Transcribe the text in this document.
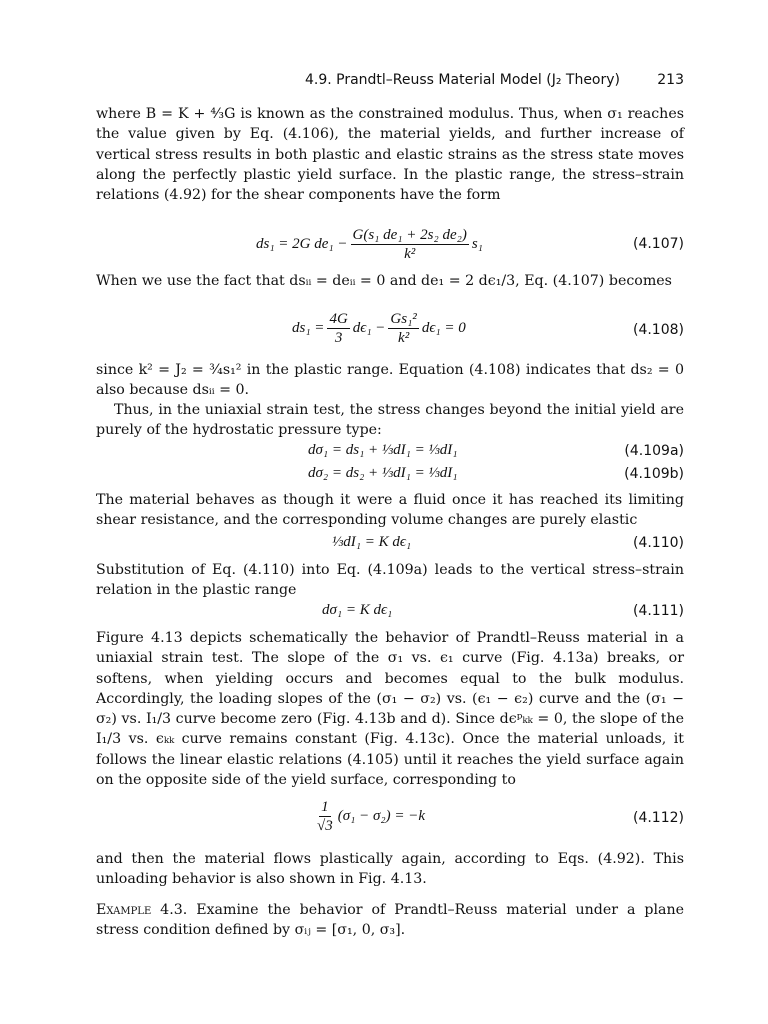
4.9. Prandtl–Reuss Material Model (J₂ Theory)	213
where B = K + ⁴⁄₃G is known as the constrained modulus. Thus, when σ₁ reaches the value given by Eq. (4.106), the material yields, and further increase of vertical stress results in both plastic and elastic strains as the stress state moves along the perfectly plastic yield surface. In the plastic range, the stress–strain relations (4.92) for the shear components have the form
ds₁ = 2G $de_1 - \frac{\text{G(s₁ de₁ + 2s₂ de₂)}}{\text{k²}} s_1$	(4.107)
When we use the fact that dsᵢᵢ = deᵢᵢ = 0 and de₁ = 2 dϵ₁/3, Eq. (4.107) becomes
$ds_1 = \frac{4G}{3} d\epsilon_1 - \frac{\text{Gs₁²}}{\text{k²}} d\epsilon_1 = 0$	(4.108)
since k² = J₂ = ³⁄₄s₁² in the plastic range. Equation (4.108) indicates that ds₂ = 0 also because dsᵢᵢ = 0.
Thus, in the uniaxial strain test, the stress changes beyond the initial yield are purely of the hydrostatic pressure type:
dσ₁ = ds₁ + ⅓dI₁ = ⅓dI₁	(4.109a)
dσ₂ = ds₂ + ⅓dI₁ = ⅓dI₁	(4.109b)
The material behaves as though it were a fluid once it has reached its limiting shear resistance, and the corresponding volume changes are purely elastic
⅓dI₁ = K dϵ₁	(4.110)
Substitution of Eq. (4.110) into Eq. (4.109a) leads to the vertical stress–strain relation in the plastic range
dσ₁ = K dϵ₁	(4.111)
Figure 4.13 depicts schematically the behavior of Prandtl–Reuss material in a uniaxial strain test. The slope of the σ₁ vs. ϵ₁ curve (Fig. 4.13a) breaks, or softens, when yielding occurs and becomes equal to the bulk modulus. Accordingly, the loading slopes of the (σ₁ − σ₂) vs. (ϵ₁ − ϵ₂) curve and the (σ₁ − σ₂) vs. I₁/3 curve become zero (Fig. 4.13b and d). Since dϵᵖₖₖ = 0, the slope of the I₁/3 vs. ϵₖₖ curve remains constant (Fig. 4.13c). Once the material unloads, it follows the linear elastic relations (4.105) until it reaches the yield surface again on the opposite side of the yield surface, corresponding to
$\frac{1}{√3} (\sigma_1 - \sigma_2) = -k$	(4.112)
and then the material flows plastically again, according to Eqs. (4.92). This unloading behavior is also shown in Fig. 4.13.
Example 4.3. Examine the behavior of Prandtl–Reuss material under a plane stress condition defined by σᵢⱼ = [σ₁, 0, σ₃].
